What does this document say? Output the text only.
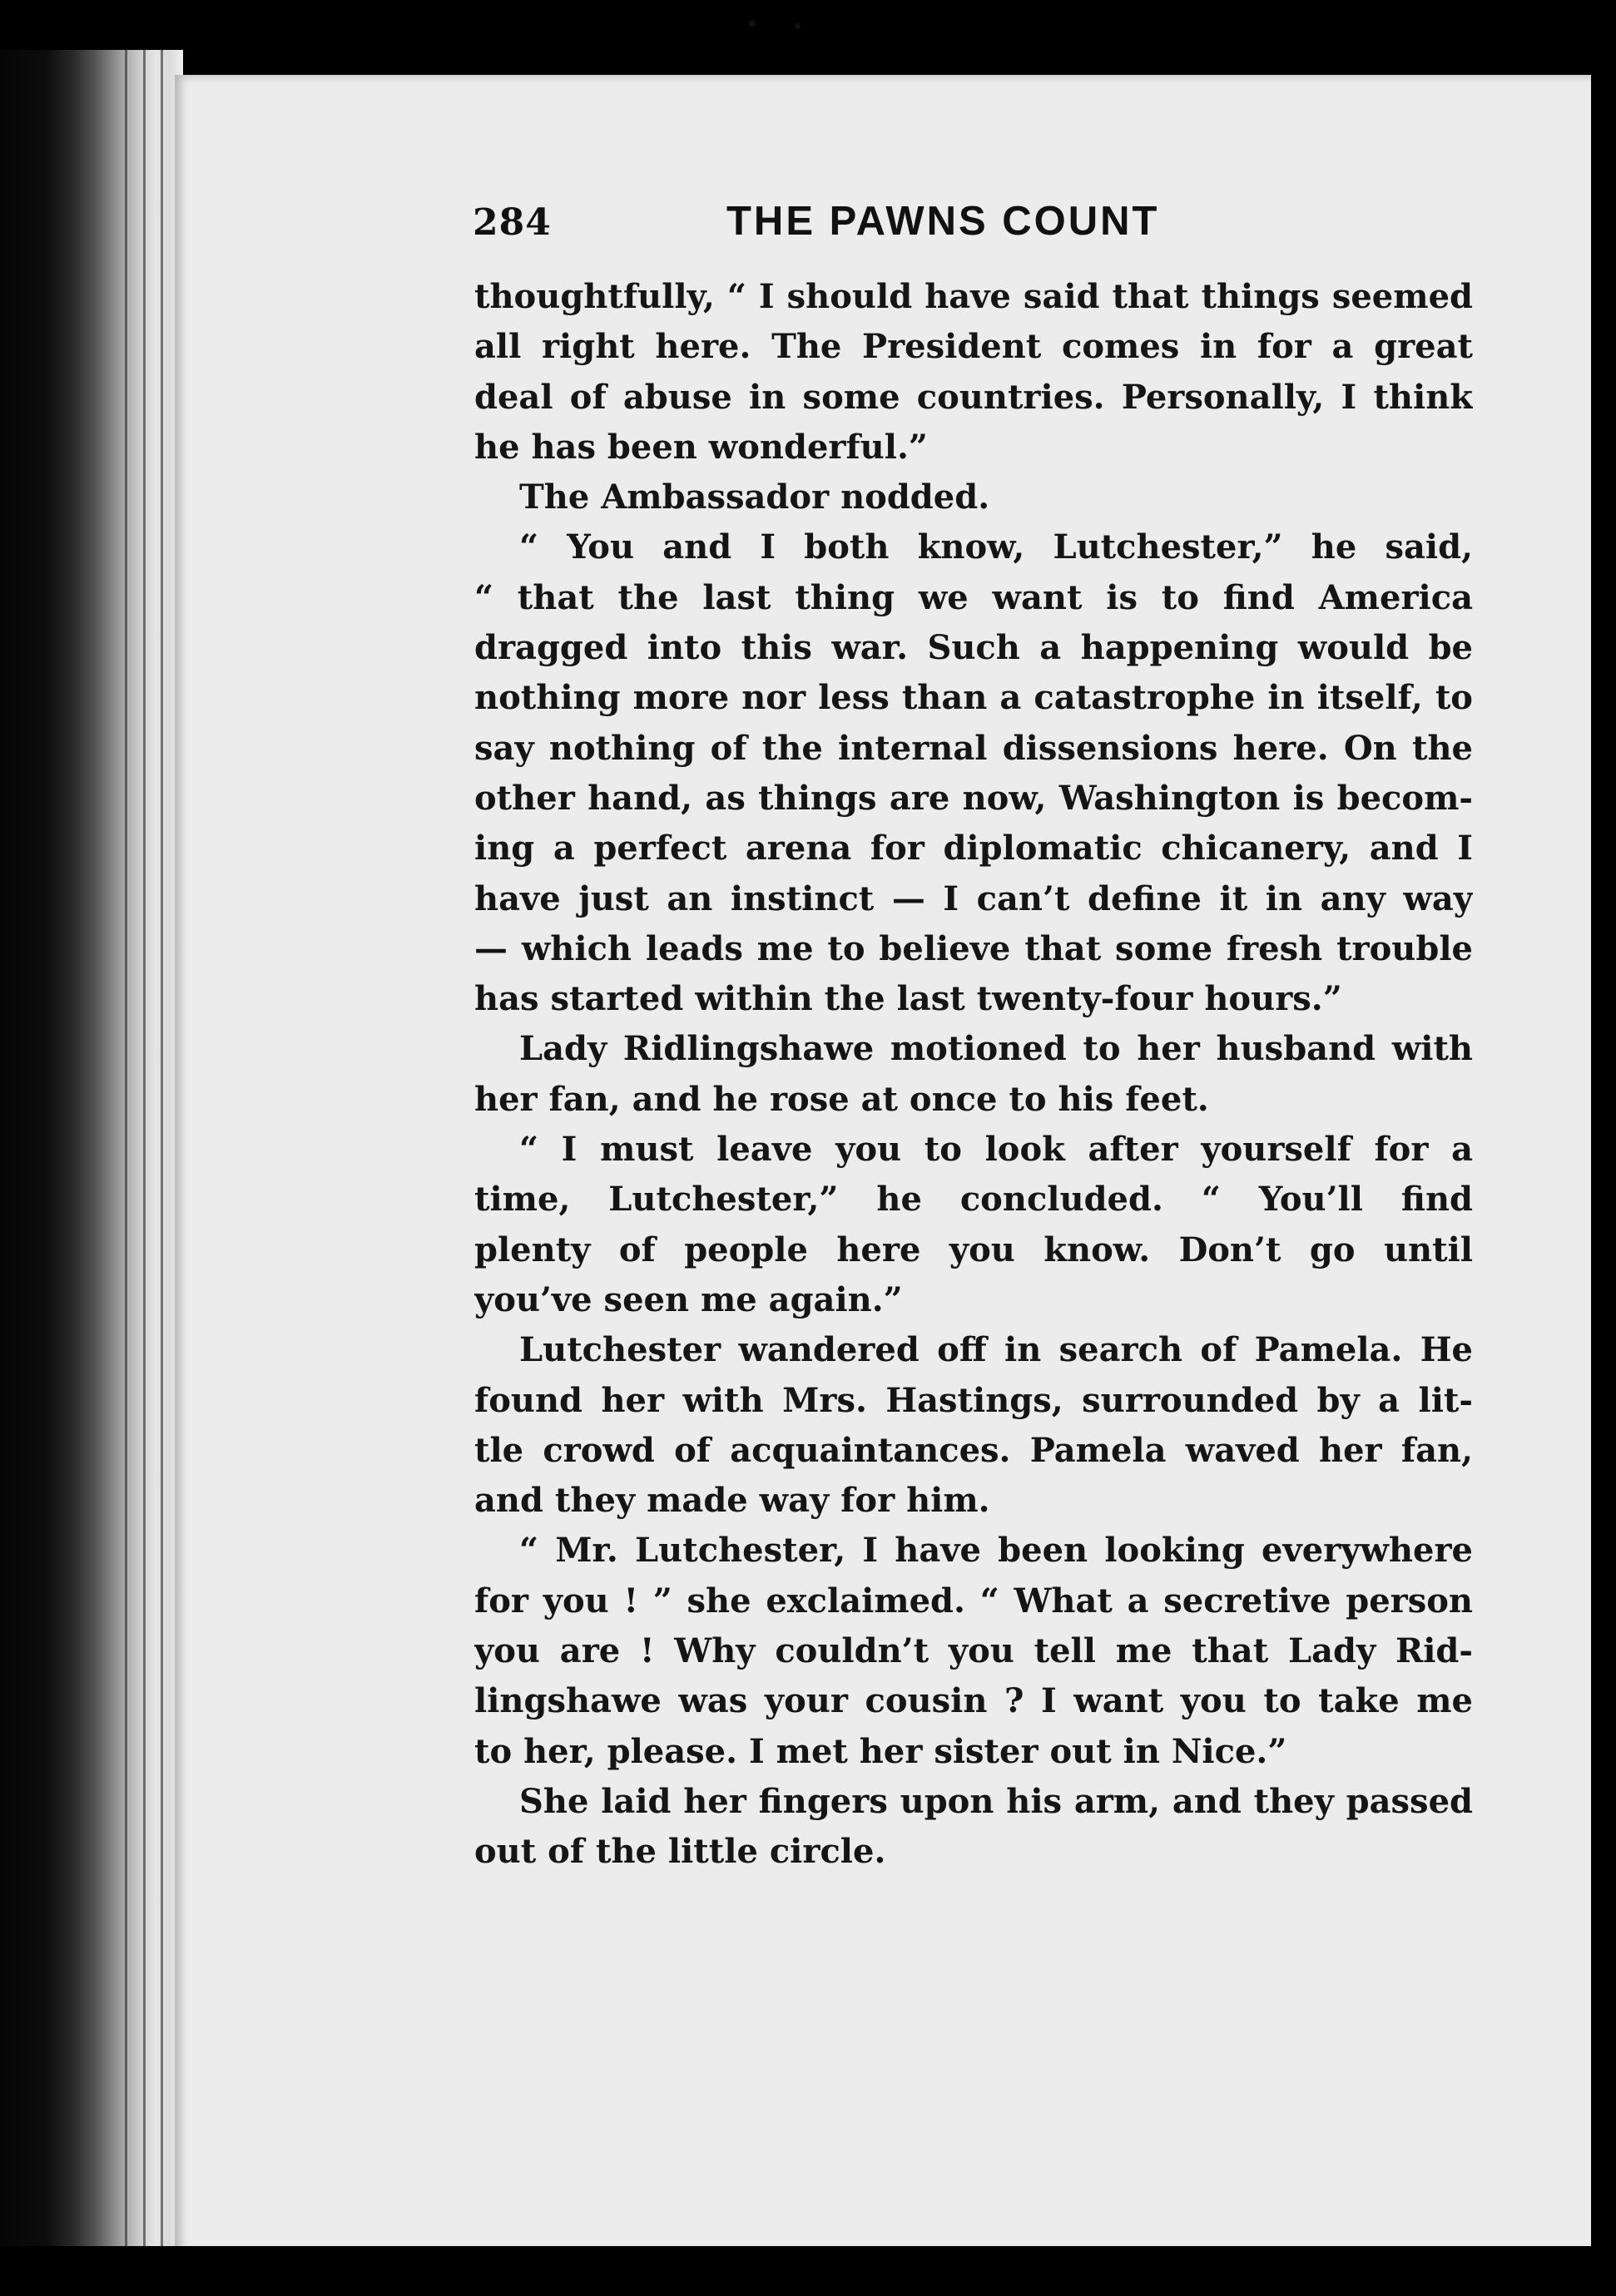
284	THE PAWNS COUNT
thoughtfully, “ I should have said that things seemed
all right here. The President comes in for a great
deal of abuse in some countries. Personally, I think
he has been wonderful.”
The Ambassador nodded.
“ You and I both know, Lutchester,” he said,
“ that the last thing we want is to find America
dragged into this war. Such a happening would be
nothing more nor less than a catastrophe in itself, to
say nothing of the internal dissensions here. On the
other hand, as things are now, Washington is becom-
ing a perfect arena for diplomatic chicanery, and I
have just an instinct — I can’t define it in any way
— which leads me to believe that some fresh trouble
has started within the last twenty-four hours.”
Lady Ridlingshawe motioned to her husband with
her fan, and he rose at once to his feet.
“ I must leave you to look after yourself for a
time, Lutchester,” he concluded. “ You’ll find
plenty of people here you know. Don’t go until
you’ve seen me again.”
Lutchester wandered off in search of Pamela. He
found her with Mrs. Hastings, surrounded by a lit-
tle crowd of acquaintances. Pamela waved her fan,
and they made way for him.
“ Mr. Lutchester, I have been looking everywhere
for you ! ” she exclaimed. “ What a secretive person
you are ! Why couldn’t you tell me that Lady Rid-
lingshawe was your cousin ? I want you to take me
to her, please. I met her sister out in Nice.”
She laid her fingers upon his arm, and they passed
out of the little circle.
